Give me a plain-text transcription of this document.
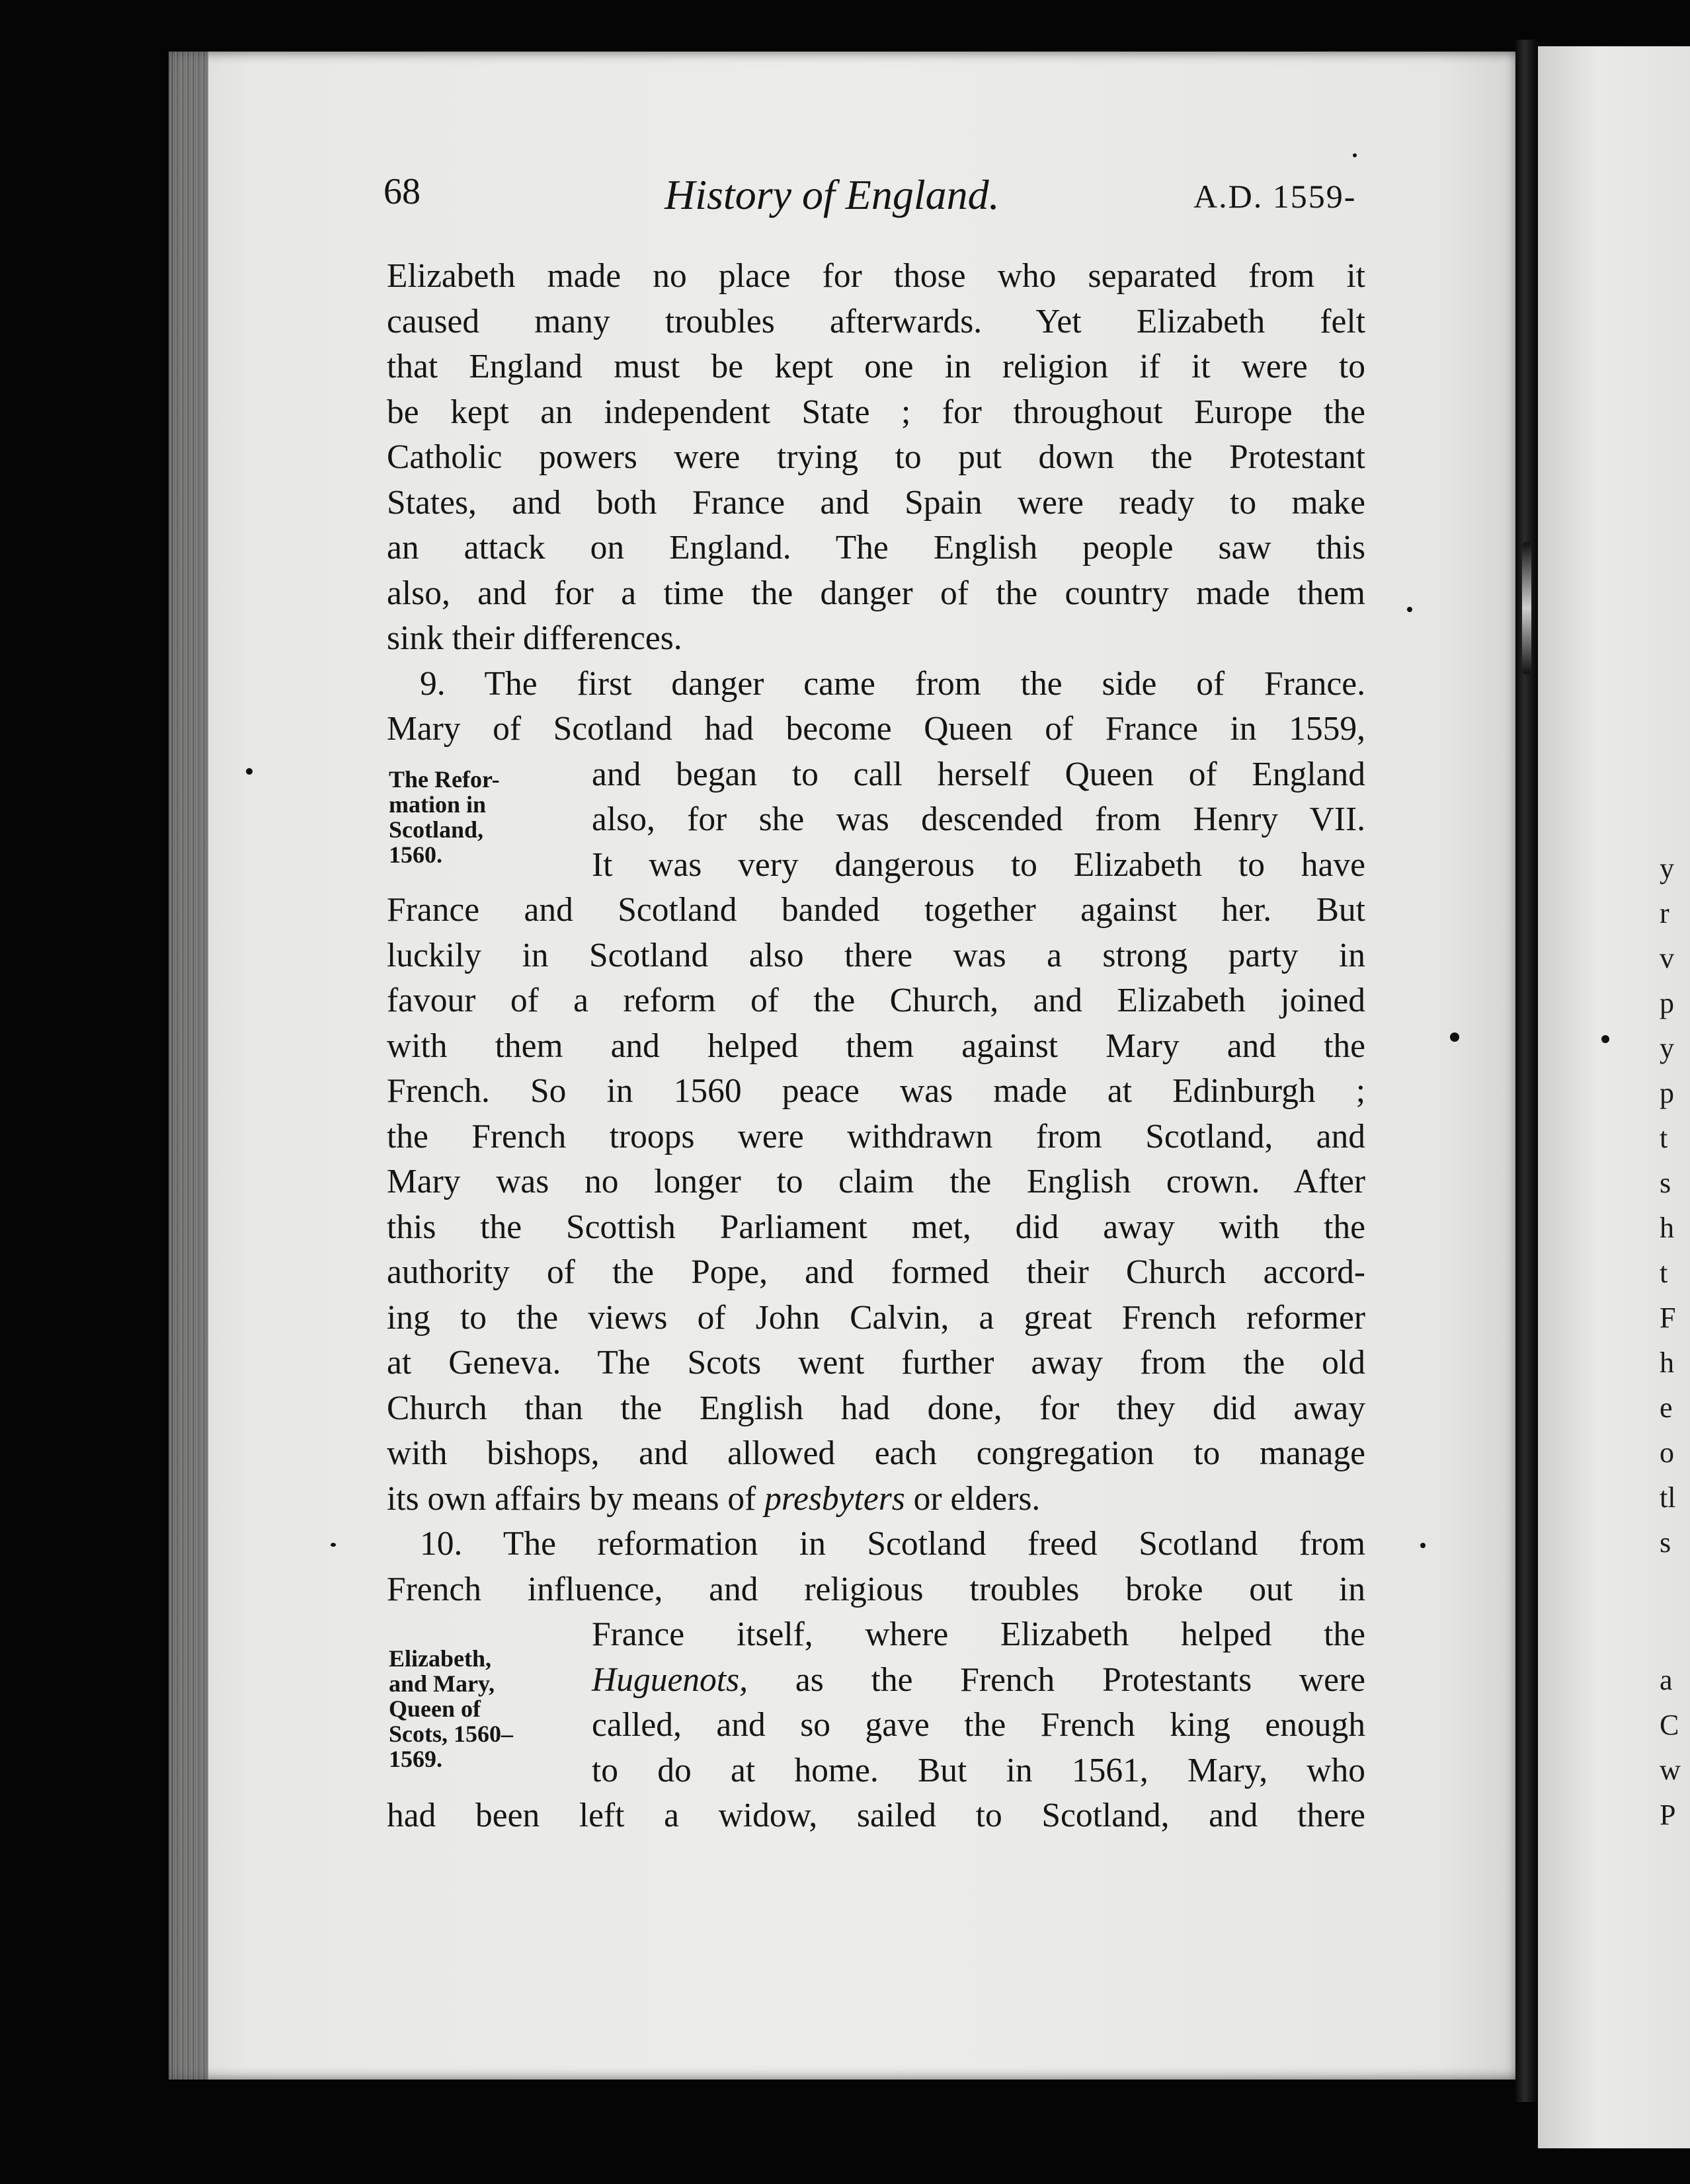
y
r
v
p
y
p
t
s
h
t
F
h
e
o
tl
s
a
C
w
P
68	History of England.	A.D. 1559-
The Refor-
mation in
Scotland,
1560.
Elizabeth,
and Mary,
Queen of
Scots, 1560–
1569.
Elizabeth made no place for those who separated from it
caused many troubles afterwards. Yet Elizabeth felt
that England must be kept one in religion if it were to
be kept an independent State ; for throughout Europe the
Catholic powers were trying to put down the Protestant
States, and both France and Spain were ready to make
an attack on England. The English people saw this
also, and for a time the danger of the country made them
sink their differences.
9. The first danger came from the side of France.
Mary of Scotland had become Queen of France in 1559,
and began to call herself Queen of England
also, for she was descended from Henry VII.
It was very dangerous to Elizabeth to have
France and Scotland banded together against her. But
luckily in Scotland also there was a strong party in
favour of a reform of the Church, and Elizabeth joined
with them and helped them against Mary and the
French. So in 1560 peace was made at Edinburgh ;
the French troops were withdrawn from Scotland, and
Mary was no longer to claim the English crown. After
this the Scottish Parliament met, did away with the
authority of the Pope, and formed their Church accord-
ing to the views of John Calvin, a great French reformer
at Geneva. The Scots went further away from the old
Church than the English had done, for they did away
with bishops, and allowed each congregation to manage
its own affairs by means of presbyters or elders.
10. The reformation in Scotland freed Scotland from
French influence, and religious troubles broke out in
France itself, where Elizabeth helped the
Huguenots, as the French Protestants were
called, and so gave the French king enough
to do at home. But in 1561, Mary, who
had been left a widow, sailed to Scotland, and there
